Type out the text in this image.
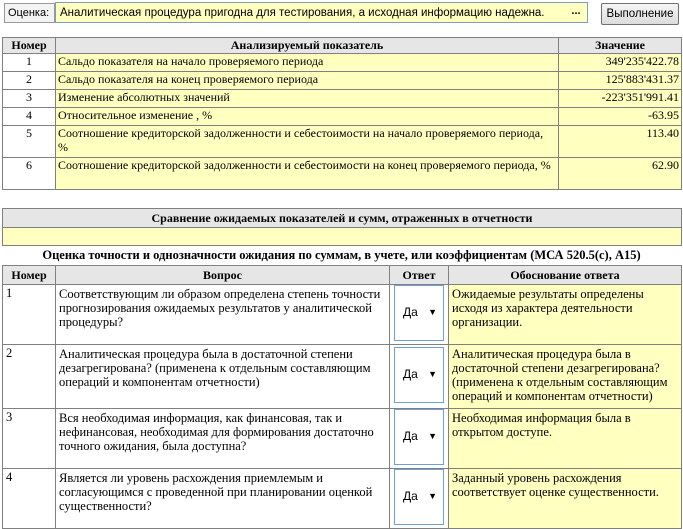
Оценка: Аналитическая процедура пригодна для тестирования, а исходная информацию надежна.	...	Выполнение
Номер	Анализируемый показатель	Значение
1	Сальдо показателя на начало проверяемого периода	349'235'422.78
2	Сальдо показателя на конец проверяемого периода	125'883'431.37
3	Изменение абсолютных значений	-223'351'991.41
4	Относительное изменение , %	-63.95
5	Соотношение кредиторской задолженности и себестоимости на начало проверяемого периода, %	113.40
6	Соотношение кредиторской задолженности и себестоимости на конец проверяемого периода, %	62.90
Сравнение ожидаемых показателей и сумм, отраженных в отчетности

Оценка точности и однозначности ожидания по суммам, в учете, или коэффициентам (МСА 520.5(с), А15)
Номер	Вопрос	Ответ	Обоснование ответа
1	Соответствующим ли образом определена степень точности прогнозирования ожидаемых результатов у аналитической процедуры?	Да ▼	Ожидаемые результаты определены исходя из характера деятельности организации.
2	Аналитическая процедура была в достаточной степени дезагрегирована? (применена к отдельным составляющим операций и компонентам отчетности)	Да ▼	Аналитическая процедура была в достаточной степени дезагрегирована? (применена к отдельным составляющим операций и компонентам отчетности)
3	Вся необходимая информация, как финансовая, так и нефинансовая, необходимая для формирования достаточно точного ожидания, была доступна?	Да ▼	Необходимая информация была в открытом доступе.
4	Является ли уровень расхождения приемлемым и согласующимся с проведенной при планировании оценкой существенности?	Да ▼	Заданный уровень расхождения соответствует оценке существенности.
